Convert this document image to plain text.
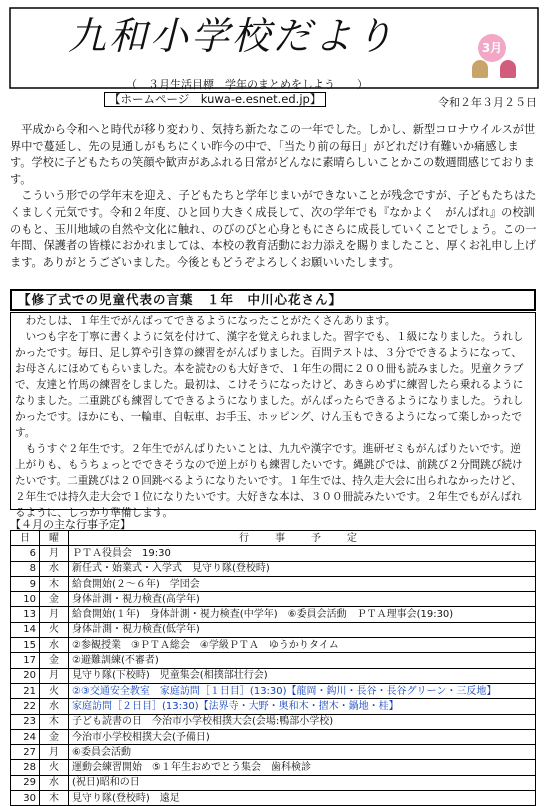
九和小学校だより	3月
（　３月生活目標　学年のまとめをしよう　　）
【ホームページ　kuwa-e.esnet.ed.jp】	令和２年３月２５日

平成から令和へと時代が移り変わり、気持ち新たなこの一年でした。しかし、新型コロナウイルスが世界中で蔓延し、先の見通しがもちにくい昨今の中で、「当たり前の毎日」がどれだけ有難いか痛感します。学校に子どもたちの笑顔や歓声があふれる日常がどんなに素晴らしいことかこの数週間感じております。

こういう形での学年末を迎え、子どもたちと学年じまいができないことが残念ですが、子どもたちはたくましく元気です。令和２年度、ひと回り大きく成長して、次の学年でも『なかよく　がんばれ』の校訓のもと、玉川地域の自然や文化に触れ、のびのびと心身ともにさらに成長していくことでしょう。この一年間、保護者の皆様におかれましては、本校の教育活動にお力添えを賜りましたこと、厚くお礼申し上げます。ありがとうございました。今後ともどうぞよろしくお願いいたします。

【修了式での児童代表の言葉　１年　中川心花さん】

わたしは、１年生でがんばってできるようになったことがたくさんあります。

いつも字を丁寧に書くように気を付けて、漢字を覚えられました。習字でも、１級になりました。うれしかったです。毎日、足し算や引き算の練習をがんばりました。百問テストは、３分でできるようになって、お母さんにほめてもらいました。本を読むのも大好きで、１年生の間に２００冊も読みました。児童クラブで、友達と竹馬の練習をしました。最初は、こけそうになったけど、あきらめずに練習したら乗れるようになりました。二重跳びも練習してできるようになりました。がんばったらできるようになりました。うれしかったです。ほかにも、一輪車、自転車、お手玉、ホッピング、けん玉もできるようになって楽しかったです。

もうすぐ２年生です。２年生でがんばりたいことは、九九や漢字です。進研ゼミもがんばりたいです。逆上がりも、もうちょっとでできそうなので逆上がりも練習したいです。縄跳びでは、前跳び２分間跳び続けたいです。二重跳びは２０回跳べるようになりたいです。１年生では、持久走大会に出られなかったけど、２年生では持久走大会で１位になりたいです。大好きな本は、３００冊読みたいです。２年生でもがんばれるように、しっかり準備します。

【４月の主な行事予定】
日	曜	行　事　予　定
6	月	ＰＴＡ役員会　19:30
8	水	新任式・始業式・入学式　見守り隊(登校時)
9	木	給食開始(２～６年)　学団会
10	金	身体計測・視力検査(高学年)
13	月	給食開始(１年)　身体計測・視力検査(中学年)　⑥委員会活動　ＰＴＡ理事会(19:30)
14	火	身体計測・視力検査(低学年)
15	水	②参観授業　③ＰＴＡ総会　④学級ＰＴＡ　ゆうかりタイム
17	金	②避難訓練(不審者)
20	月	見守り隊(下校時)　児童集会(相撲部壮行会)
21	火	②③交通安全教室　家庭訪問［１日目］(13:30)【龍岡・鈎川・長谷・長谷グリーン・三反地】
22	水	家庭訪問［２日目］(13:30)【法界寺・大野・奥和木・摺木・鍋地・桂】
23	木	子ども読書の日　今治市小学校相撲大会(会場:鴨部小学校)
24	金	今治市小学校相撲大会(予備日)
27	月	⑥委員会活動
28	火	運動会練習開始　⑤１年生おめでとう集会　歯科検診
29	水	(祝日)昭和の日
30	木	見守り隊(登校時)　遠足
